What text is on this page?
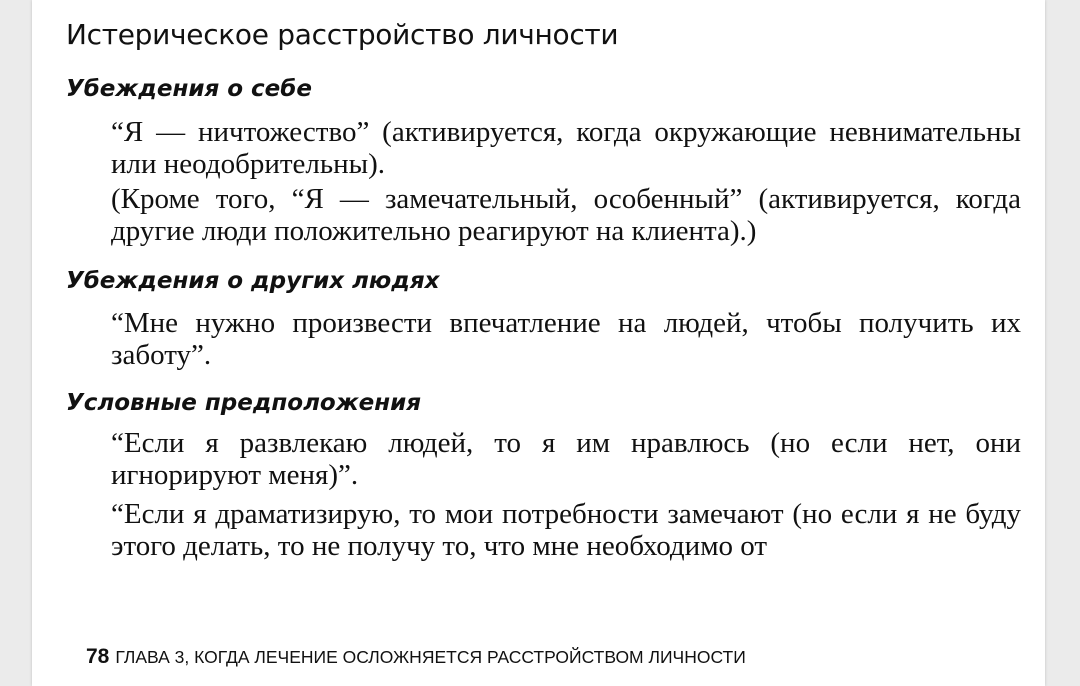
Истерическое расстройство личности
Убеждения о себе

“Я — ничтожество” (активируется, когда окружающие невнимательны или неодобрительны).

(Кроме того, “Я — замечательный, особенный” (активируется, когда другие люди положительно реагируют на клиента).)

Убеждения о других людях

“Мне нужно произвести впечатление на людей, чтобы получить их заботу”.

Условные предположения

“Если я развлекаю людей, то я им нравлюсь (но если нет, они игнорируют меня)”.

“Если я драматизирую, то мои потребности замечают (но если я не буду этого делать, то не получу то, что мне необходимо от

78 ГЛАВА 3, КОГДА ЛЕЧЕНИЕ ОСЛОЖНЯЕТСЯ РАССТРОЙСТВОМ ЛИЧНОСТИ
